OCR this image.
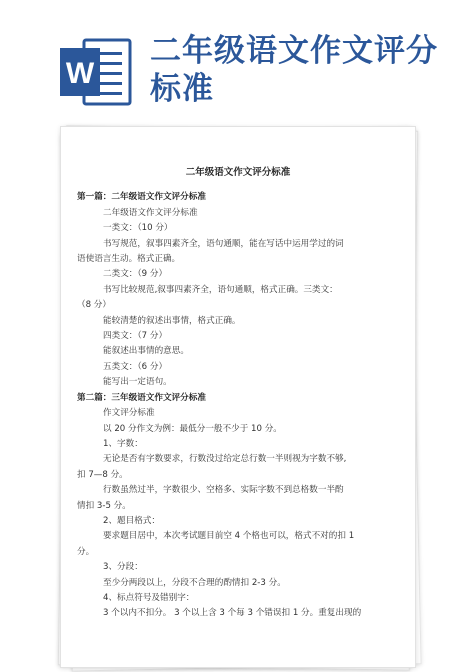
W
二年级语文作文评分标准
二年级语文作文评分标准
第一篇：二年级语文作文评分标准
二年级语文作文评分标准
一类文：（10 分）
书写规范，叙事四素齐全，语句通顺，能在写话中运用学过的词
语使语言生动。格式正确。
二类文：（9 分）
书写比较规范,叙事四素齐全，语句通顺，格式正确。三类文：
（8 分）
能较清楚的叙述出事情，格式正确。
四类文：（7 分）
能叙述出事情的意思。
五类文：（6 分）
能写出一定语句。
第二篇：三年级语文作文评分标准
作文评分标准
以 20 分作文为例：最低分一般不少于 10 分。
1、字数：
无论是否有字数要求，行数没过给定总行数一半则视为字数不够,
扣 7—8 分。
行数虽然过半，字数很少、空格多、实际字数不到总格数一半酌
情扣 3-5 分。
2、题目格式：
要求题目居中，本次考试题目前空 4 个格也可以，格式不对的扣 1
分。
3、分段：
至少分两段以上，分段不合理的酌情扣 2-3 分。
4、标点符号及错别字：
3 个以内不扣分。 3 个以上含 3 个每 3 个错误扣 1 分。重复出现的
